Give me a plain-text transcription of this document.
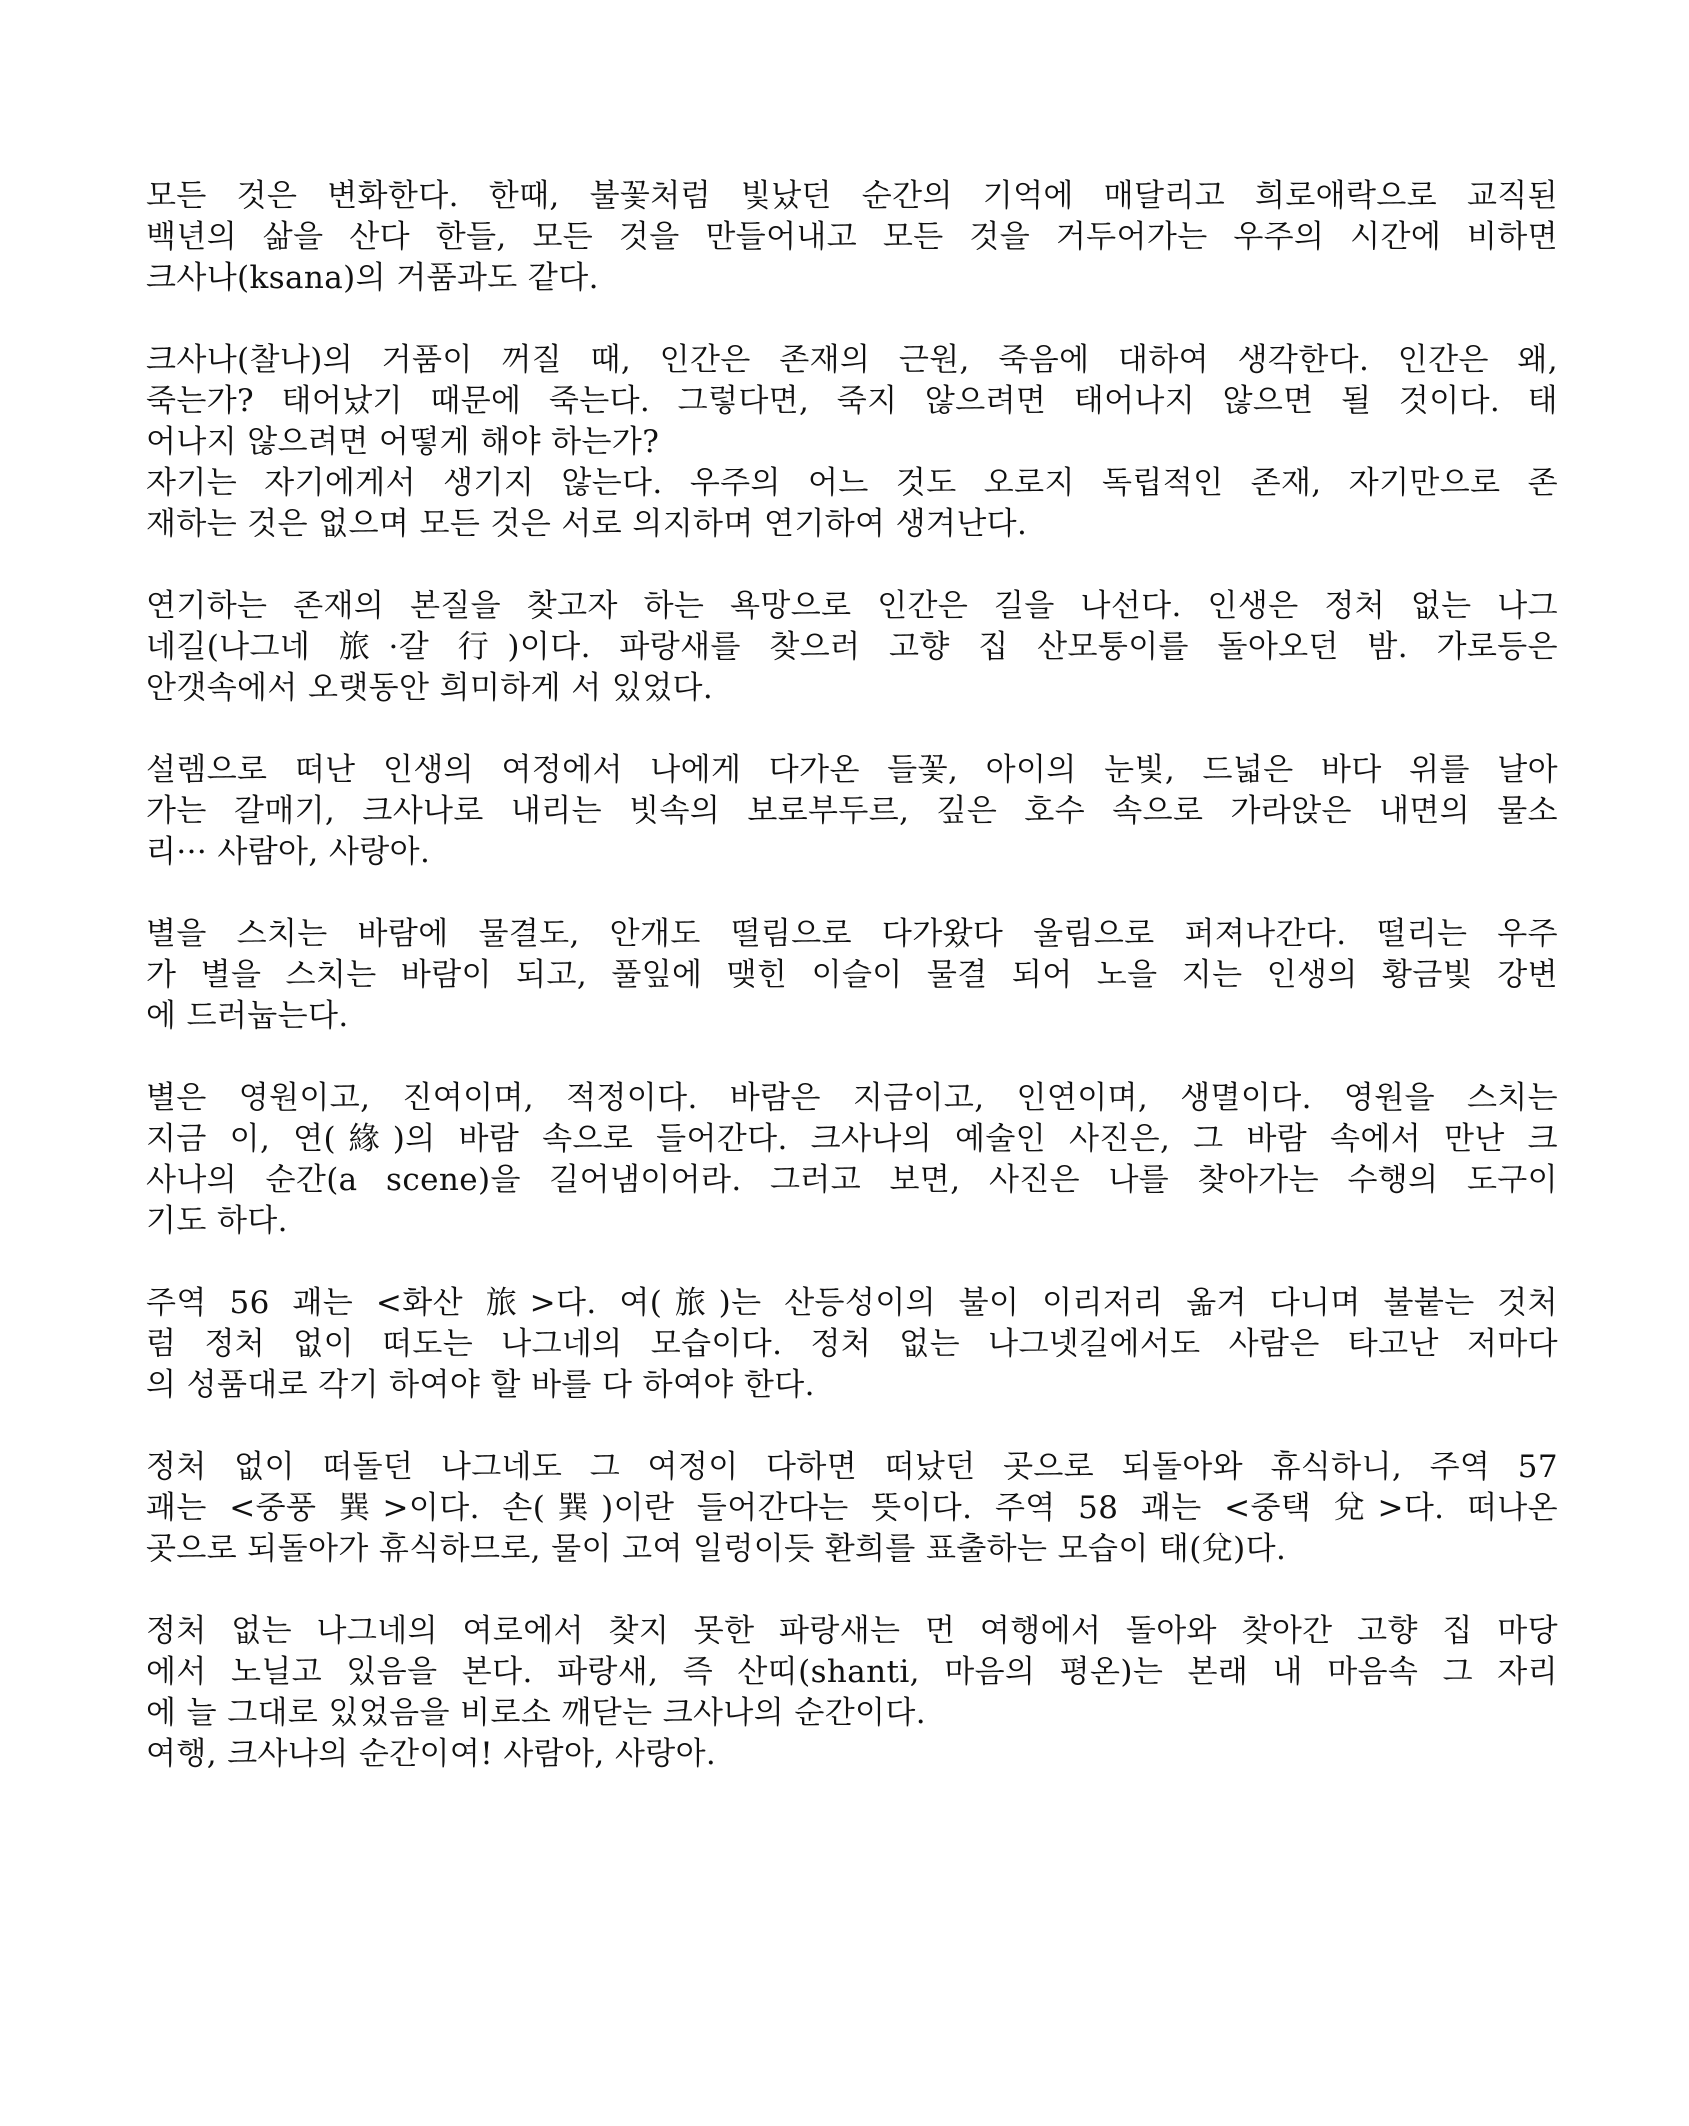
모든 것은 변화한다. 한때, 불꽃처럼 빛났던 순간의 기억에 매달리고 희로애락으로 교직된
백년의 삶을 산다 한들, 모든 것을 만들어내고 모든 것을 거두어가는 우주의 시간에 비하면
크사나(ksana)의 거품과도 같다.
크사나(찰나)의 거품이 꺼질 때, 인간은 존재의 근원, 죽음에 대하여 생각한다. 인간은 왜,
죽는가? 태어났기 때문에 죽는다. 그렇다면, 죽지 않으려면 태어나지 않으면 될 것이다. 태
어나지 않으려면 어떻게 해야 하는가?
자기는 자기에게서 생기지 않는다. 우주의 어느 것도 오로지 독립적인 존재, 자기만으로 존
재하는 것은 없으며 모든 것은 서로 의지하며 연기하여 생겨난다.
연기하는 존재의 본질을 찾고자 하는 욕망으로 인간은 길을 나선다. 인생은 정처 없는 나그
네길(나그네 旅·갈 行)이다. 파랑새를 찾으러 고향 집 산모퉁이를 돌아오던 밤. 가로등은
안갯속에서 오랫동안 희미하게 서 있었다.
설렘으로 떠난 인생의 여정에서 나에게 다가온 들꽃, 아이의 눈빛, 드넓은 바다 위를 날아
가는 갈매기, 크사나로 내리는 빗속의 보로부두르, 깊은 호수 속으로 가라앉은 내면의 물소
리··· 사람아, 사랑아.
별을 스치는 바람에 물결도, 안개도 떨림으로 다가왔다 울림으로 퍼져나간다. 떨리는 우주
가 별을 스치는 바람이 되고, 풀잎에 맺힌 이슬이 물결 되어 노을 지는 인생의 황금빛 강변
에 드러눕는다.
별은 영원이고, 진여이며, 적정이다. 바람은 지금이고, 인연이며, 생멸이다. 영원을 스치는
지금 이, 연(緣)의 바람 속으로 들어간다. 크사나의 예술인 사진은, 그 바람 속에서 만난 크
사나의 순간(a scene)을 길어냄이어라. 그러고 보면, 사진은 나를 찾아가는 수행의 도구이
기도 하다.
주역 56 괘는 <화산 旅>다. 여(旅)는 산등성이의 불이 이리저리 옮겨 다니며 불붙는 것처
럼 정처 없이 떠도는 나그네의 모습이다. 정처 없는 나그넷길에서도 사람은 타고난 저마다
의 성품대로 각기 하여야 할 바를 다 하여야 한다.
정처 없이 떠돌던 나그네도 그 여정이 다하면 떠났던 곳으로 되돌아와 휴식하니, 주역 57
괘는 <중풍 巽>이다. 손(巽)이란 들어간다는 뜻이다. 주역 58 괘는 <중택 兌>다. 떠나온
곳으로 되돌아가 휴식하므로, 물이 고여 일렁이듯 환희를 표출하는 모습이 태(兌)다.
정처 없는 나그네의 여로에서 찾지 못한 파랑새는 먼 여행에서 돌아와 찾아간 고향 집 마당
에서 노닐고 있음을 본다. 파랑새, 즉 산띠(shanti, 마음의 평온)는 본래 내 마음속 그 자리
에 늘 그대로 있었음을 비로소 깨닫는 크사나의 순간이다.
여행, 크사나의 순간이여! 사람아, 사랑아.
